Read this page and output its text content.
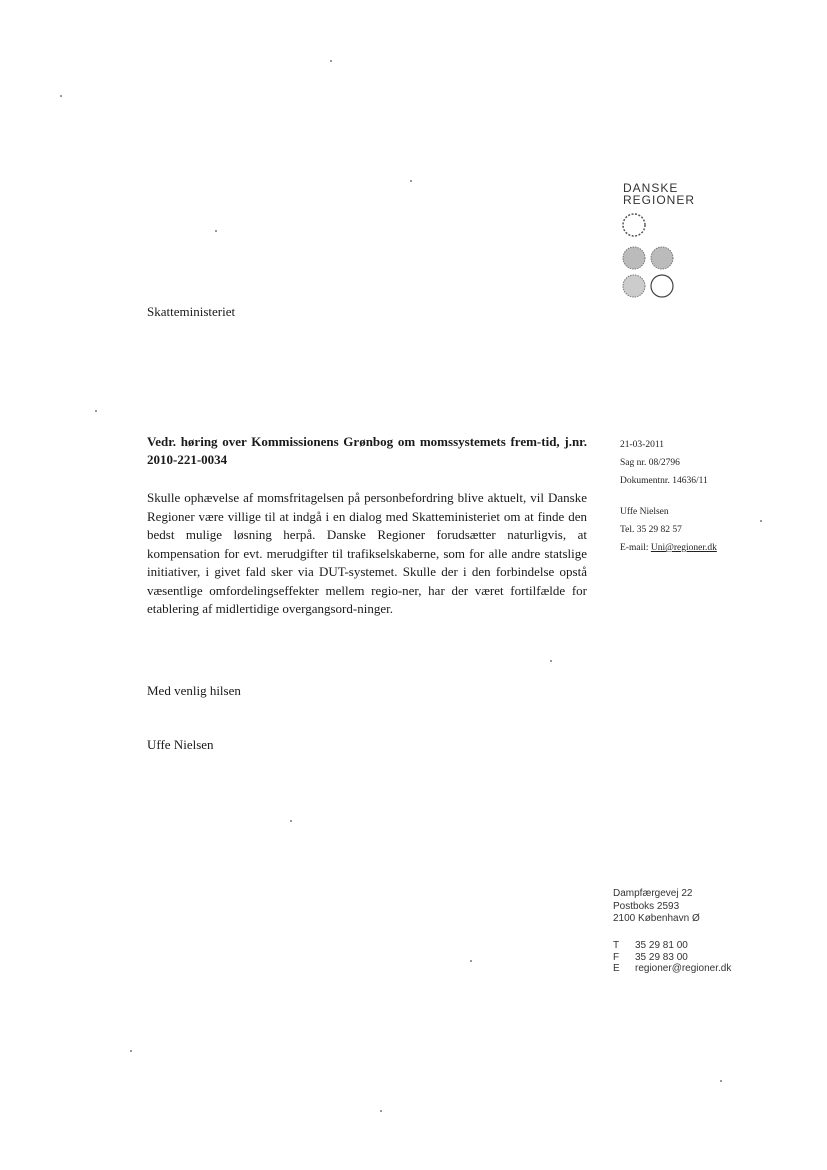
DANSKE
REGIONER
Skatteministeriet
Vedr. høring over Kommissionens Grønbog om momssystemets frem-tid, j.nr. 2010-221-0034
Skulle ophævelse af momsfritagelsen på personbefordring blive aktuelt, vil Danske Regioner være villige til at indgå i en dialog med Skatteministeriet om at finde den bedst mulige løsning herpå. Danske Regioner forudsætter naturligvis, at kompensation for evt. merudgifter til trafikselskaberne, som for alle andre statslige initiativer, i givet fald sker via DUT-systemet. Skulle der i den forbindelse opstå væsentlige omfordelingseffekter mellem regio-ner, har der været fortilfælde for etablering af midlertidige overgangsord-ninger.
Med venlig hilsen
Uffe Nielsen
21-03-2011
Sag nr. 08/2796
Dokumentnr. 14636/11
Uffe Nielsen
Tel. 35 29 82 57
E-mail: Uni@regioner.dk
Dampfærgevej 22
Postboks 2593
2100 København Ø
T	35 29 81 00
F	35 29 83 00
E	regioner@regioner.dk
